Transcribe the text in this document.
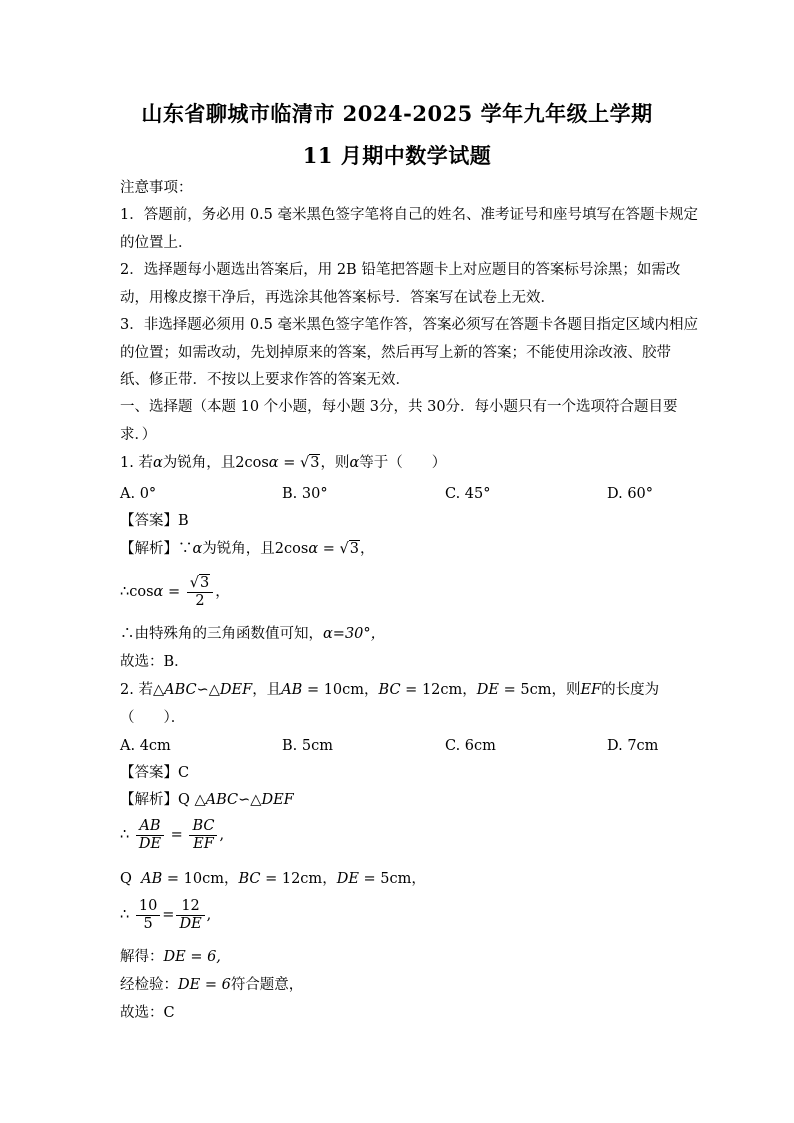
山东省聊城市临清市 2024-2025 学年九年级上学期
11 月期中数学试题
注意事项：
1．答题前，务必用 0.5 毫米黑色签字笔将自己的姓名、准考证号和座号填写在答题卡规定
的位置上．
2．选择题每小题选出答案后，用 2B 铅笔把答题卡上对应题目的答案标号涂黑；如需改
动，用橡皮擦干净后，再选涂其他答案标号．答案写在试卷上无效．
3．非选择题必须用 0.5 毫米黑色签字笔作答，答案必须写在答题卡各题目指定区域内相应
的位置；如需改动，先划掉原来的答案，然后再写上新的答案；不能使用涂改液、胶带
纸、修正带．不按以上要求作答的答案无效．
一、选择题（本题 10 个小题，每小题 3分，共 30分．每小题只有一个选项符合题目要
求．）
1. 若α为锐角，且2cosα = √3，则α等于（　　）
A. 0°	B. 30°	C. 45°	D. 60°
【答案】B
【解析】∵α为锐角，且2cosα = √3，
∴cosα = $\frac{√3}{2}$ ，
∴由特殊角的三角函数值可知，α=30°，
故选：B．
2. 若△ABC∽△DEF，且AB = 10cm，BC = 12cm，DE = 5cm，则EF的长度为
（　　）．
A. 4cm	B. 5cm	C. 6cm	D. 7cm
【答案】C
【解析】Q △ABC∽△DEF
∴ $\frac{AB}{DE} = \frac{BC}{EF}$ ,
Q AB = 10cm，BC = 12cm，DE = 5cm，
∴ $\frac{10}{5} = \frac{12}{DE}$ ,
解得：DE = 6,
经检验：DE = 6符合题意，
故选：C
